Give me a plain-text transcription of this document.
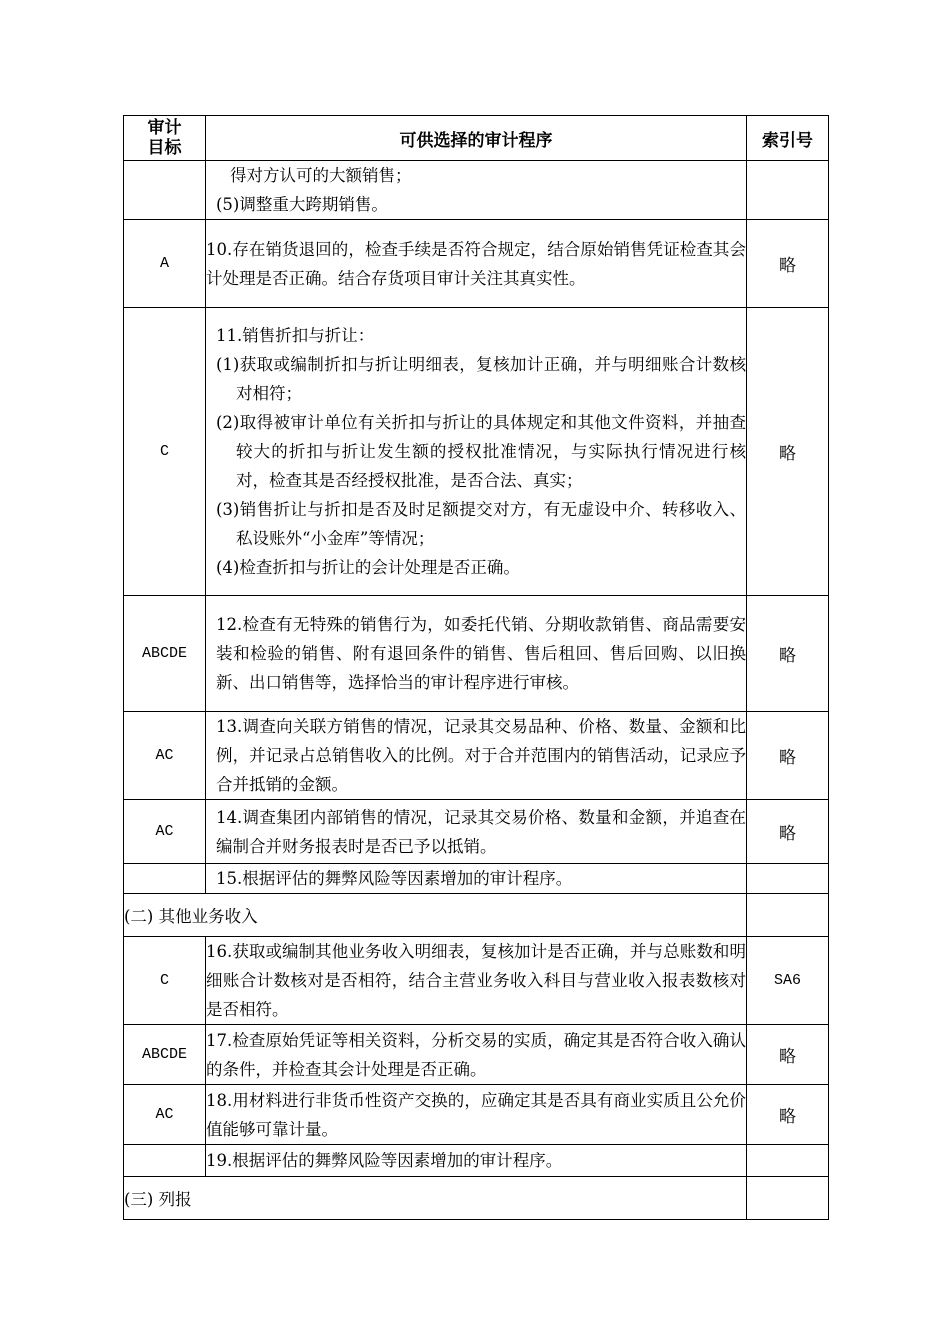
审计
目标	可供选择的审计程序	索引号

	得对方认可的大额销售；
(5)调整重大跨期销售。	

A	10.存在销货退回的，检查手续是否符合规定，结合原始销售凭证检查其会计处理是否正确。结合存货项目审计关注其真实性。	略
C	11.销售折扣与折让：
(1)获取或编制折扣与折让明细表，复核加计正确，并与明细账合计数核对相符；
(2)取得被审计单位有关折扣与折让的具体规定和其他文件资料，并抽查较大的折扣与折让发生额的授权批准情况，与实际执行情况进行核对，检查其是否经授权批准，是否合法、真实；
(3)销售折让与折扣是否及时足额提交对方，有无虚设中介、转移收入、私设账外“小金库”等情况；
(4)检查折扣与折让的会计处理是否正确。	略
ABCDE	12.检查有无特殊的销售行为，如委托代销、分期收款销售、商品需要安装和检验的销售、附有退回条件的销售、售后租回、售后回购、以旧换新、出口销售等，选择恰当的审计程序进行审核。	略
AC	13.调查向关联方销售的情况，记录其交易品种、价格、数量、金额和比例，并记录占总销售收入的比例。对于合并范围内的销售活动，记录应予合并抵销的金额。	略
AC	14.调查集团内部销售的情况，记录其交易价格、数量和金额，并追查在编制合并财务报表时是否已予以抵销。	略

	15.根据评估的舞弊风险等因素增加的审计程序。	

(二) 其他业务收入		
C	16.获取或编制其他业务收入明细表，复核加计是否正确，并与总账数和明细账合计数核对是否相符，结合主营业务收入科目与营业收入报表数核对是否相符。	SA6
ABCDE	17.检查原始凭证等相关资料，分析交易的实质，确定其是否符合收入确认的条件，并检查其会计处理是否正确。	略
AC	18.用材料进行非货币性资产交换的，应确定其是否具有商业实质且公允价值能够可靠计量。	略

	19.根据评估的舞弊风险等因素增加的审计程序。	

(三) 列报		
